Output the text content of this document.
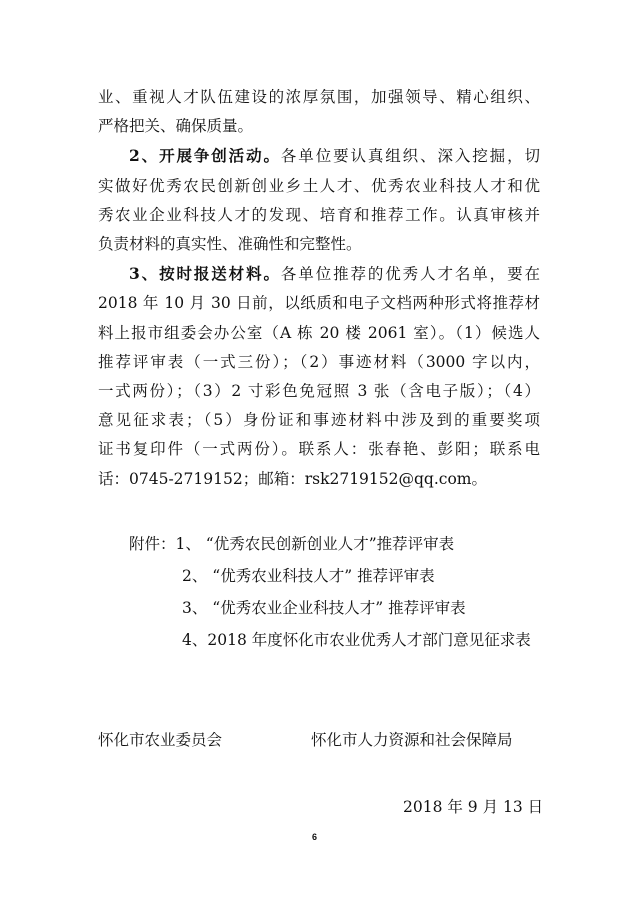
业、重视人才队伍建设的浓厚氛围，加强领导、精心组织、
严格把关、确保质量。
2、开展争创活动。各单位要认真组织、深入挖掘，切
实做好优秀农民创新创业乡土人才、优秀农业科技人才和优
秀农业企业科技人才的发现、培育和推荐工作。认真审核并
负责材料的真实性、准确性和完整性。
3、按时报送材料。各单位推荐的优秀人才名单，要在
2018 年 10 月 30 日前，以纸质和电子文档两种形式将推荐材
料上报市组委会办公室（A 栋 20 楼 2061 室）。（1）候选人
推荐评审表（一式三份）；（2）事迹材料（3000 字以内，
一式两份）；（3）2 寸彩色免冠照 3 张（含电子版）；（4）
意见征求表；（5）身份证和事迹材料中涉及到的重要奖项
证书复印件（一式两份）。联系人：张春艳、彭阳；联系电
话：0745-2719152；邮箱：rsk2719152@qq.com。
附件：1、 “优秀农民创新创业人才”推荐评审表
2、 “优秀农业科技人才” 推荐评审表
3、 “优秀农业企业科技人才” 推荐评审表
4、2018 年度怀化市农业优秀人才部门意见征求表
怀化市农业委员会	怀化市人力资源和社会保障局
2018 年 9 月 13 日
6
